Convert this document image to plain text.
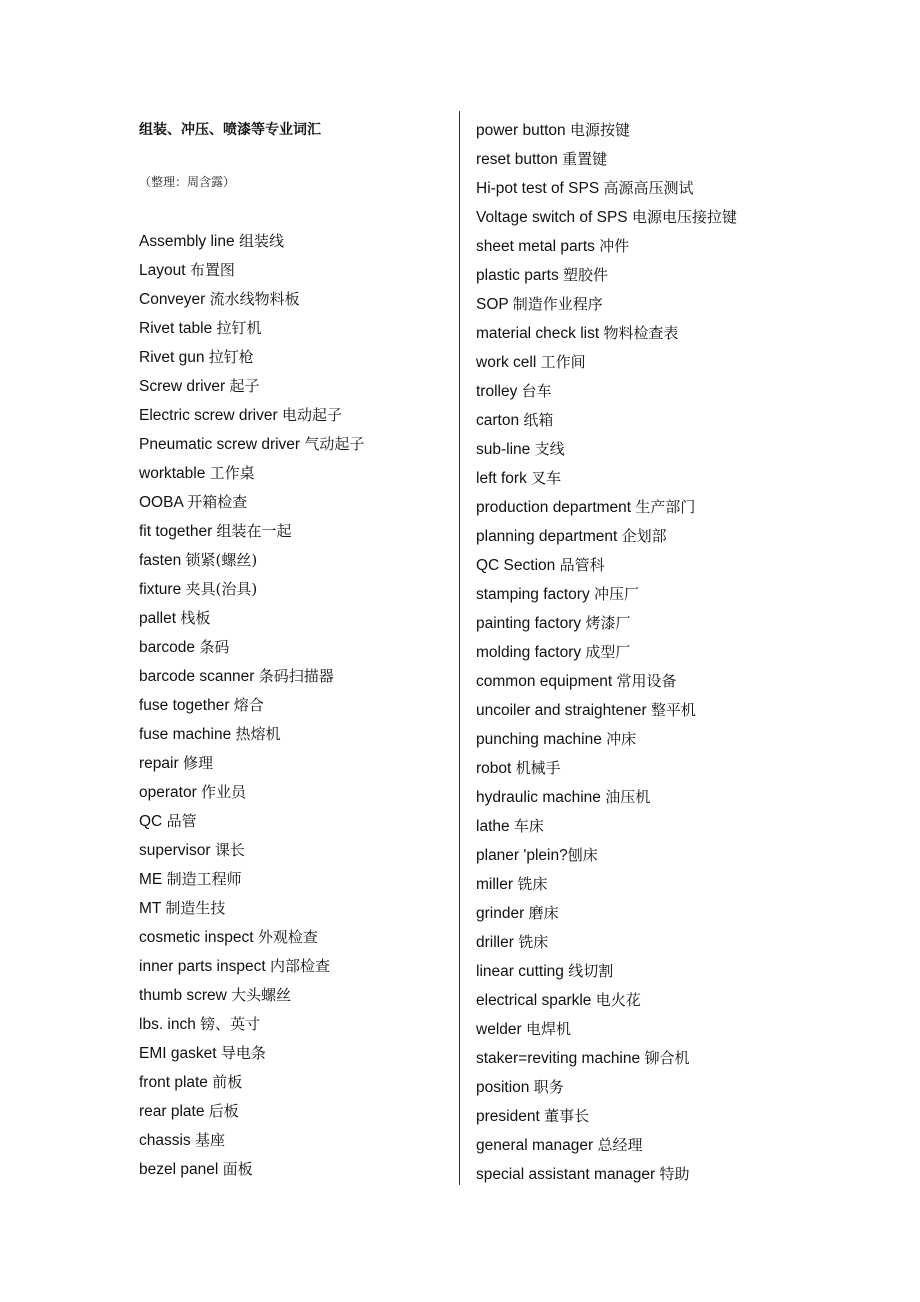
组装、冲压、喷漆等专业词汇
（整理：周含露）
Assembly line 组装线
Layout 布置图
Conveyer 流水线物料板
Rivet table 拉钉机
Rivet gun 拉钉枪
Screw driver 起子
Electric screw driver 电动起子
Pneumatic screw driver 气动起子
worktable 工作桌
OOBA 开箱检查
fit together 组装在一起
fasten 锁紧(螺丝)
fixture 夹具(治具)
pallet 栈板
barcode 条码
barcode scanner 条码扫描器
fuse together 熔合
fuse machine 热熔机
repair 修理
operator 作业员
QC 品管
supervisor 课长
ME 制造工程师
MT 制造生技
cosmetic inspect 外观检查
inner parts inspect 内部检查
thumb screw 大头螺丝
lbs. inch 镑、英寸
EMI gasket 导电条
front plate 前板
rear plate 后板
chassis 基座
bezel panel 面板
power button 电源按键
reset button 重置键
Hi-pot test of SPS 高源高压测试
Voltage switch of SPS 电源电压接拉键
sheet metal parts 冲件
plastic parts 塑胶件
SOP 制造作业程序
material check list 物料检查表
work cell 工作间
trolley 台车
carton 纸箱
sub-line 支线
left fork 叉车
production department 生产部门
planning department 企划部
QC Section 品管科
stamping factory 冲压厂
painting factory 烤漆厂
molding factory 成型厂
common equipment 常用设备
uncoiler and straightener 整平机
punching machine 冲床
robot 机械手
hydraulic machine 油压机
lathe 车床
planer 'plein?刨床
miller 铣床
grinder 磨床
driller 铣床
linear cutting 线切割
electrical sparkle 电火花
welder 电焊机
staker=reviting machine 铆合机
position 职务
president 董事长
general manager 总经理
special assistant manager 特助
